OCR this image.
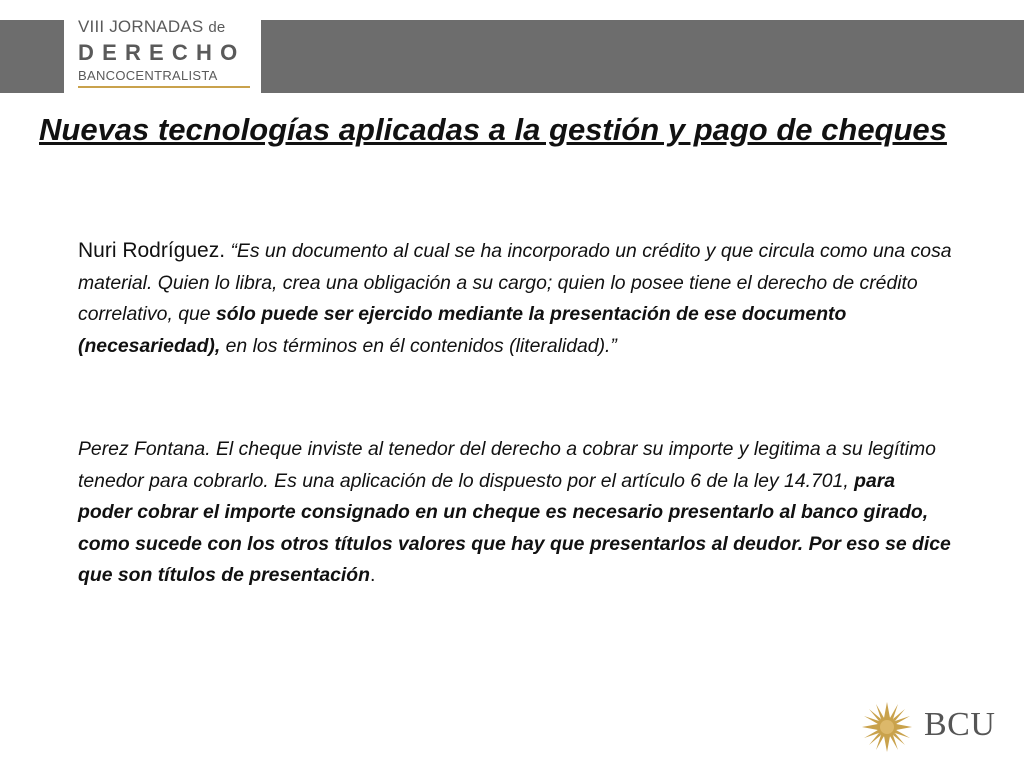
VIII JORNADAS de
DERECHO
BANCOCENTRALISTA
Nuevas tecnologías aplicadas a la gestión y pago de cheques

Nuri Rodríguez. “Es un documento al cual se ha incorporado un crédito y que circula como una cosa material. Quien lo libra, crea una obligación a su cargo; quien lo posee tiene el derecho de crédito correlativo, que sólo puede ser ejercido mediante la presentación de ese documento (necesariedad), en los términos en él contenidos (literalidad).”

Perez Fontana. El cheque inviste al tenedor del derecho a cobrar su importe y legitima a su legítimo tenedor para cobrarlo. Es una aplicación de lo dispuesto por el artículo 6 de la ley 14.701, para poder cobrar el importe consignado en un cheque es necesario presentarlo al banco girado, como sucede con los otros títulos valores que hay que presentarlos al deudor. Por eso se dice que son títulos de presentación.

BCU
